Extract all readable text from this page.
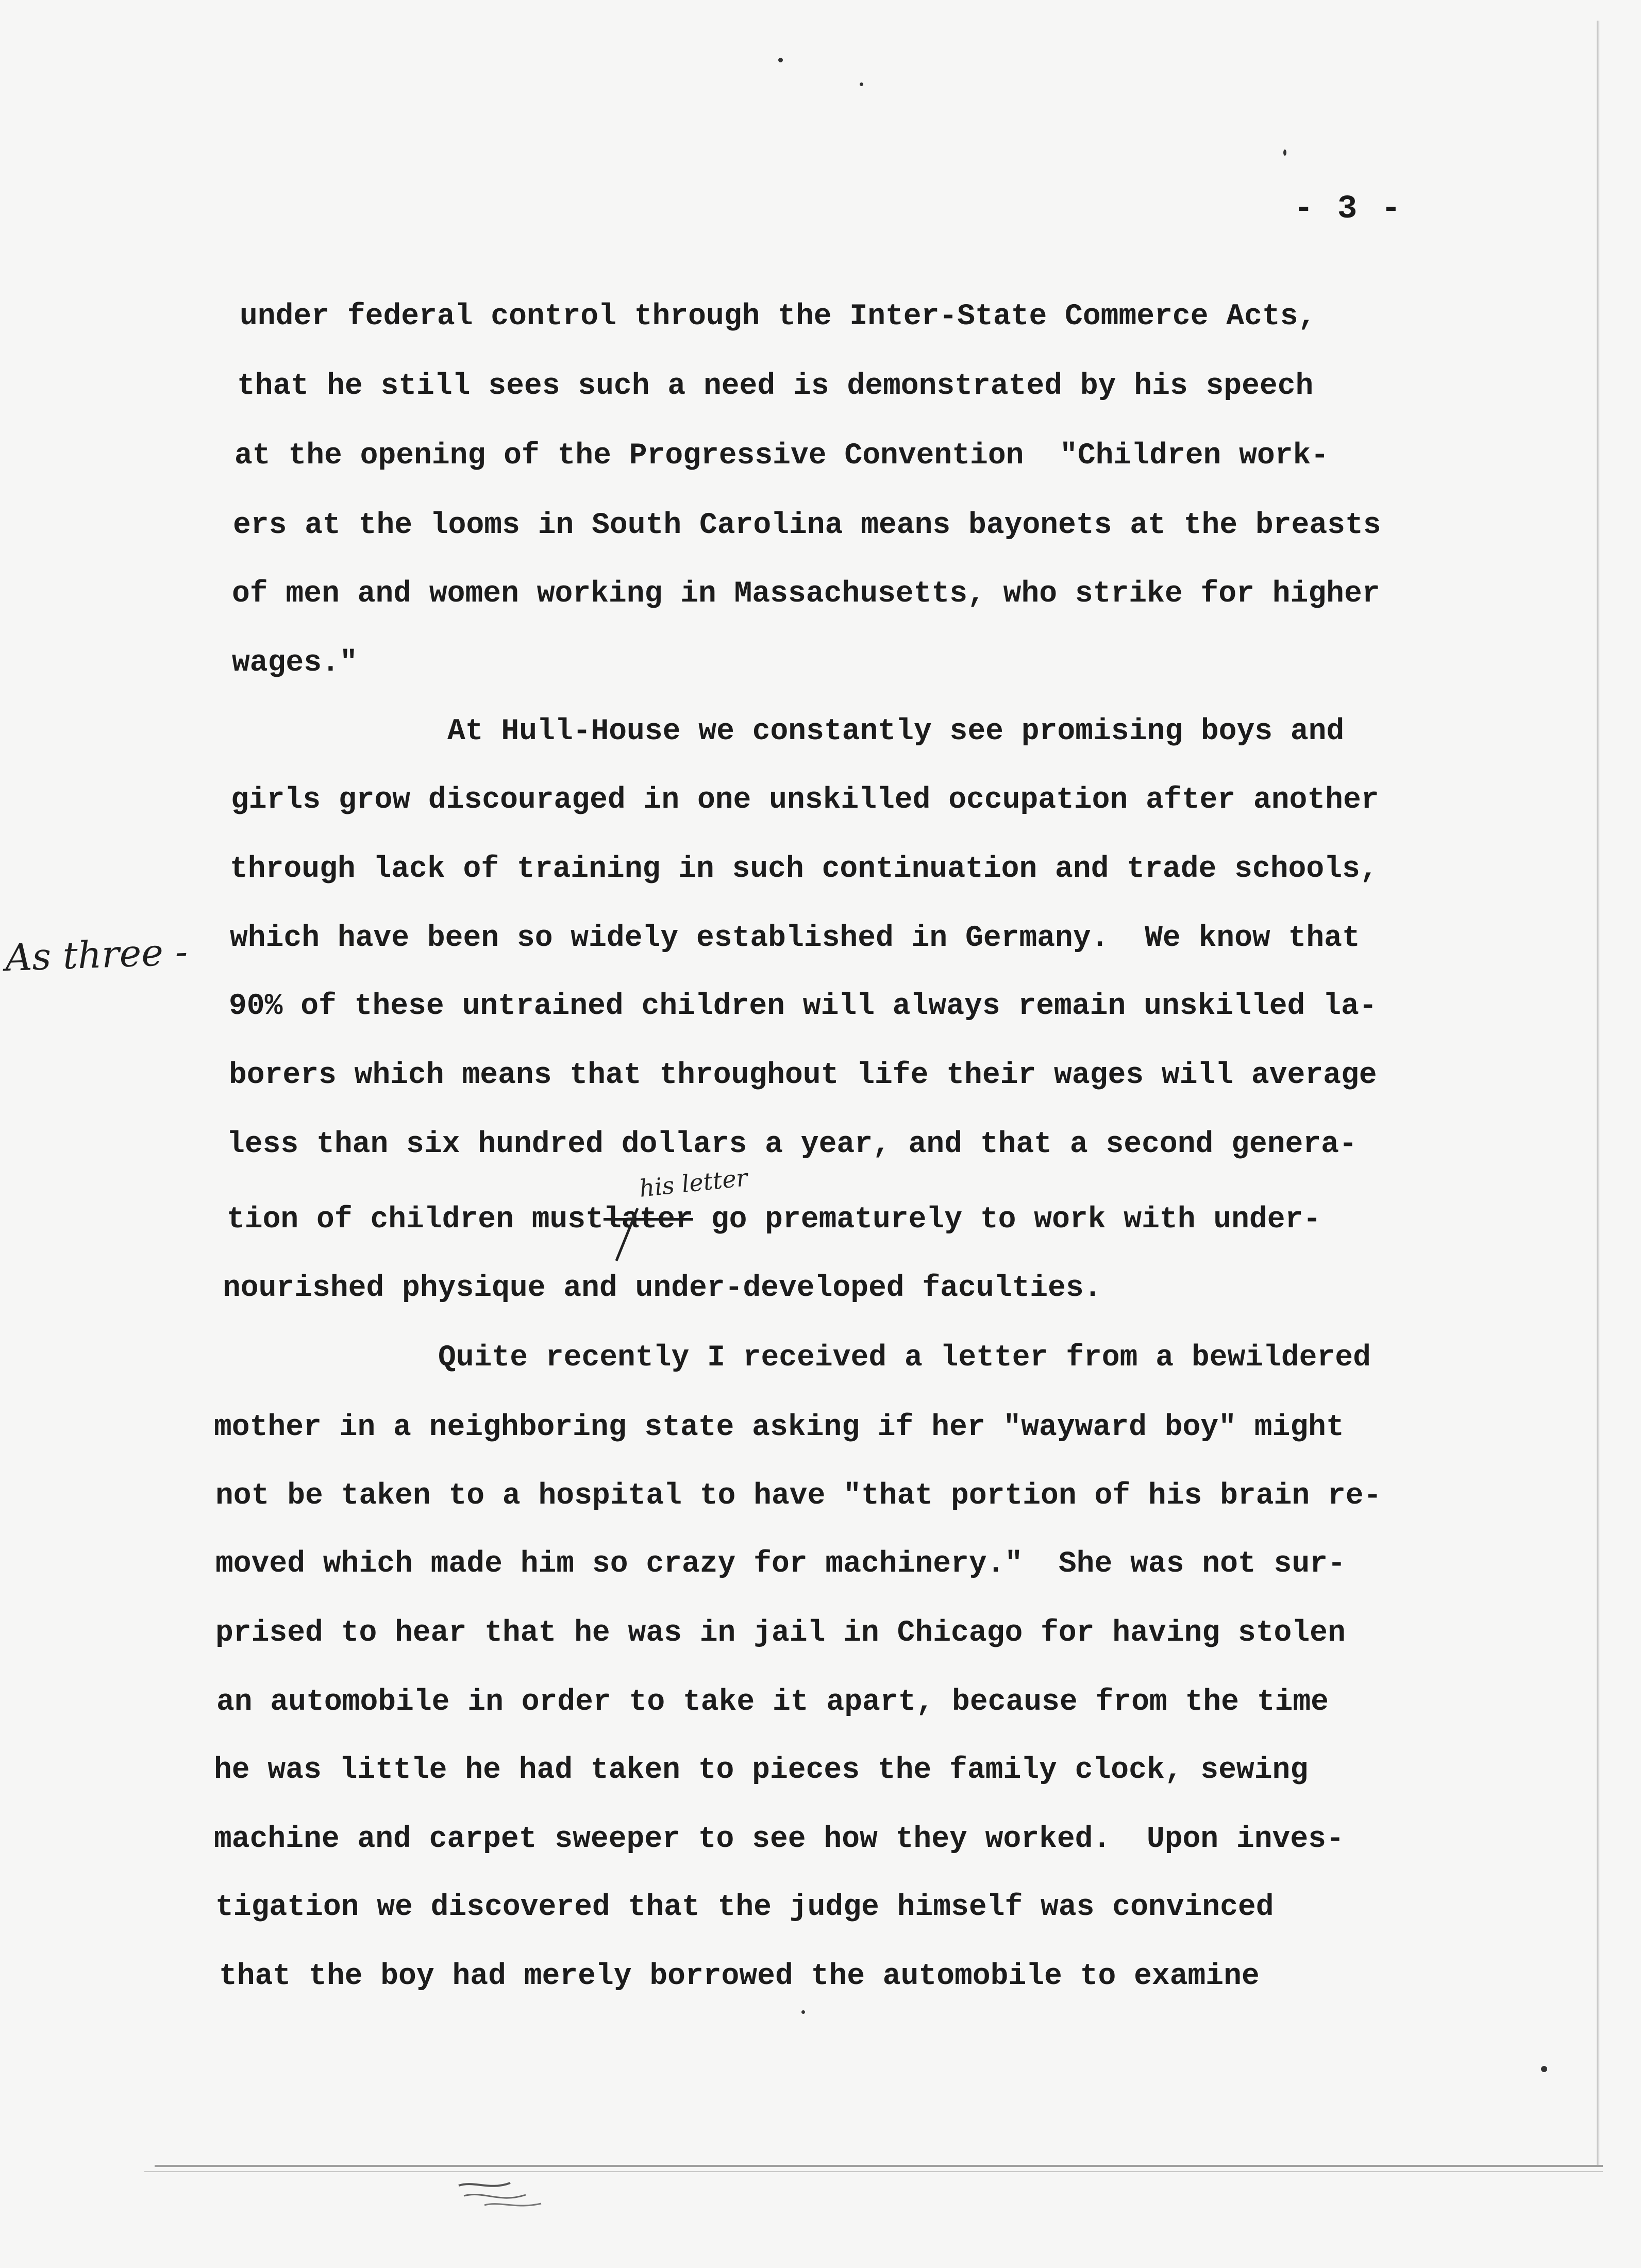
- 3 -
As three -
under federal control through the Inter-State Commerce Acts,
that he still sees such a need is demonstrated by his speech
at the opening of the Progressive Convention  "Children work-
ers at the looms in South Carolina means bayonets at the breasts
of men and women working in Massachusetts, who strike for higher
wages."
At Hull-House we constantly see promising boys and
girls grow discouraged in one unskilled occupation after another
through lack of training in such continuation and trade schools,
which have been so widely established in Germany.  We know that
90% of these untrained children will always remain unskilled la-
borers which means that throughout life their wages will average
less than six hundred dollars a year, and that a second genera-
tion of children mustlater go prematurely to work with under-
his letter
nourished physique and under-developed faculties.
Quite recently I received a letter from a bewildered
mother in a neighboring state asking if her "wayward boy" might
not be taken to a hospital to have "that portion of his brain re-
moved which made him so crazy for machinery."  She was not sur-
prised to hear that he was in jail in Chicago for having stolen
an automobile in order to take it apart, because from the time
he was little he had taken to pieces the family clock, sewing
machine and carpet sweeper to see how they worked.  Upon inves-
tigation we discovered that the judge himself was convinced
that the boy had merely borrowed the automobile to examine
